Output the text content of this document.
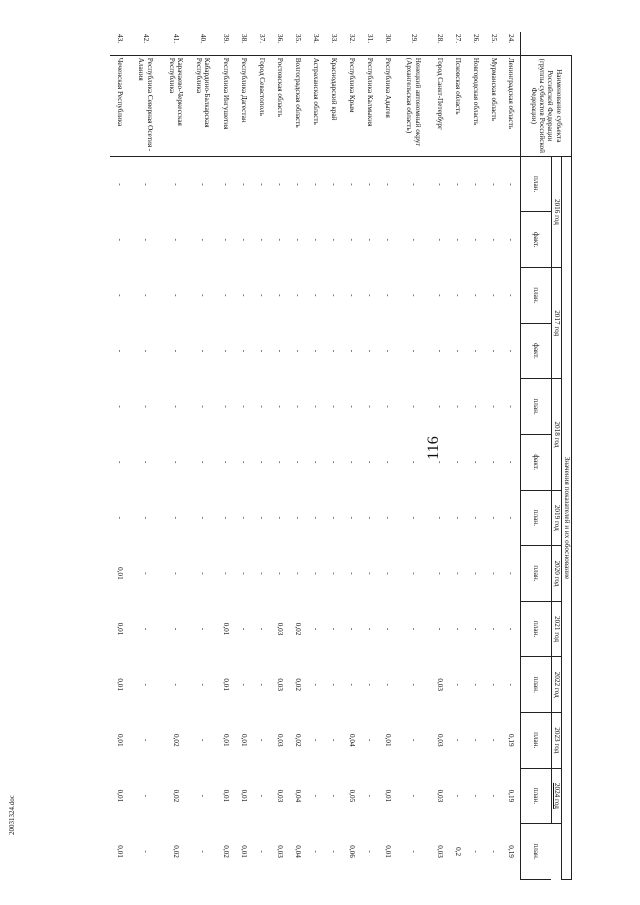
116
20031324.doc
	Наименование субъекта Российской Федерации (группы субъектов Российской Федерации)	Значения показателей и их обоснование												
		2016 год		2017 год		2018 год		2019 год	2020 год	2021 год	2022 год	2023 год	2024 год	
		план.	факт.	план.	факт.	план.	факт.	план.	план.	план.	план.	план.	план.	план.
24.	Ленинградская область	-	-	-	-	-	-	-	-	-	-	0,19	0,19	0,19
25.	Мурманская область	-	-	-	-	-	-	-	-	-	-	-	-	-
26.	Новгородская область	-	-	-	-	-	-	-	-	-	-	-	-	-
27.	Псковская область	-	-	-	-	-	-	-	-	-	-	-	-	0,2
28.	Город Санкт-Петербург	-	-	-	-	-	-	-	-	-	0,03	0,03	0,03	0,03
29.	Ненецкий автономный округ (Архангельская область)	-	-	-	-	-	-	-	-	-	-	-	-	-
30.	Республика Адыгея	-	-	-	-	-	-	-	-	-	-	0,01	0,01	0,01
31.	Республика Калмыкия	-	-	-	-	-	-	-	-	-	-	-	-	-
32.	Республика Крым	-	-	-	-	-	-	-	-	-	-	0,04	0,05	0,06
33.	Краснодарский край	-	-	-	-	-	-	-	-	-	-	-	-	-
34.	Астраханская область	-	-	-	-	-	-	-	-	-	-	-	-	-
35.	Волгоградская область	-	-	-	-	-	-	-	-	0,02	0,02	0,02	0,04	0,04
36.	Ростовская область	-	-	-	-	-	-	-	-	0,03	0,03	0,03	0,03	0,03
37.	Город Севастополь	-	-	-	-	-	-	-	-	-	-	-	-	-
38.	Республика Дагестан	-	-	-	-	-	-	-	-	-	-	0,01	0,01	0,01
39.	Республика Ингушетия	-	-	-	-	-	-	-	-	0,01	0,01	0,01	0,01	0,02
40.	Кабардино-Балкарская Республика	-	-	-	-	-	-	-	-	-	-	-	-	-
41.	Карачаево-Черкесская Республика	-	-	-	-	-	-	-	-	-	-	0,02	0,02	0,02
42.	Республика Северная Осетия - Алания	-	-	-	-	-	-	-	-	-	-	-	-	-
43.	Чеченская Республика	-	-	-	-	-	-	-	0,01	0,01	0,01	0,01	0,01	0,01
